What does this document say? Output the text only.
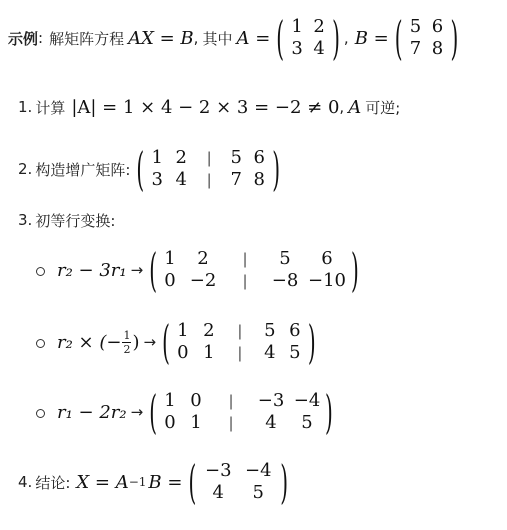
示例 : 解矩阵方程 AX = B , 其中 A = ( 1 2
3 4 ) , B = ( 5 6
7 8 )
1. 计算 |A| = 1 × 4 − 2 × 3 = −2 ≠ 0 , A 可逆;
2. 构造增广矩阵: ( 1 2	|	5 6
3 4	|	7 8 )
3. 初等行变换:
r₂ − 3r₁ → ( 1	2	|	5	6
0 −2	|	−8 −10 )
r₂ × (− $\frac{1}{2}$ ) → ( 1 2	|	5 6
0 1	|	4 5 )
r₁ − 2r₂ → ( 1 0	|	−3 −4
0 1	|	4	5 )
4. 结论: X = A −1 B = ( −3 −4
4	5 )
